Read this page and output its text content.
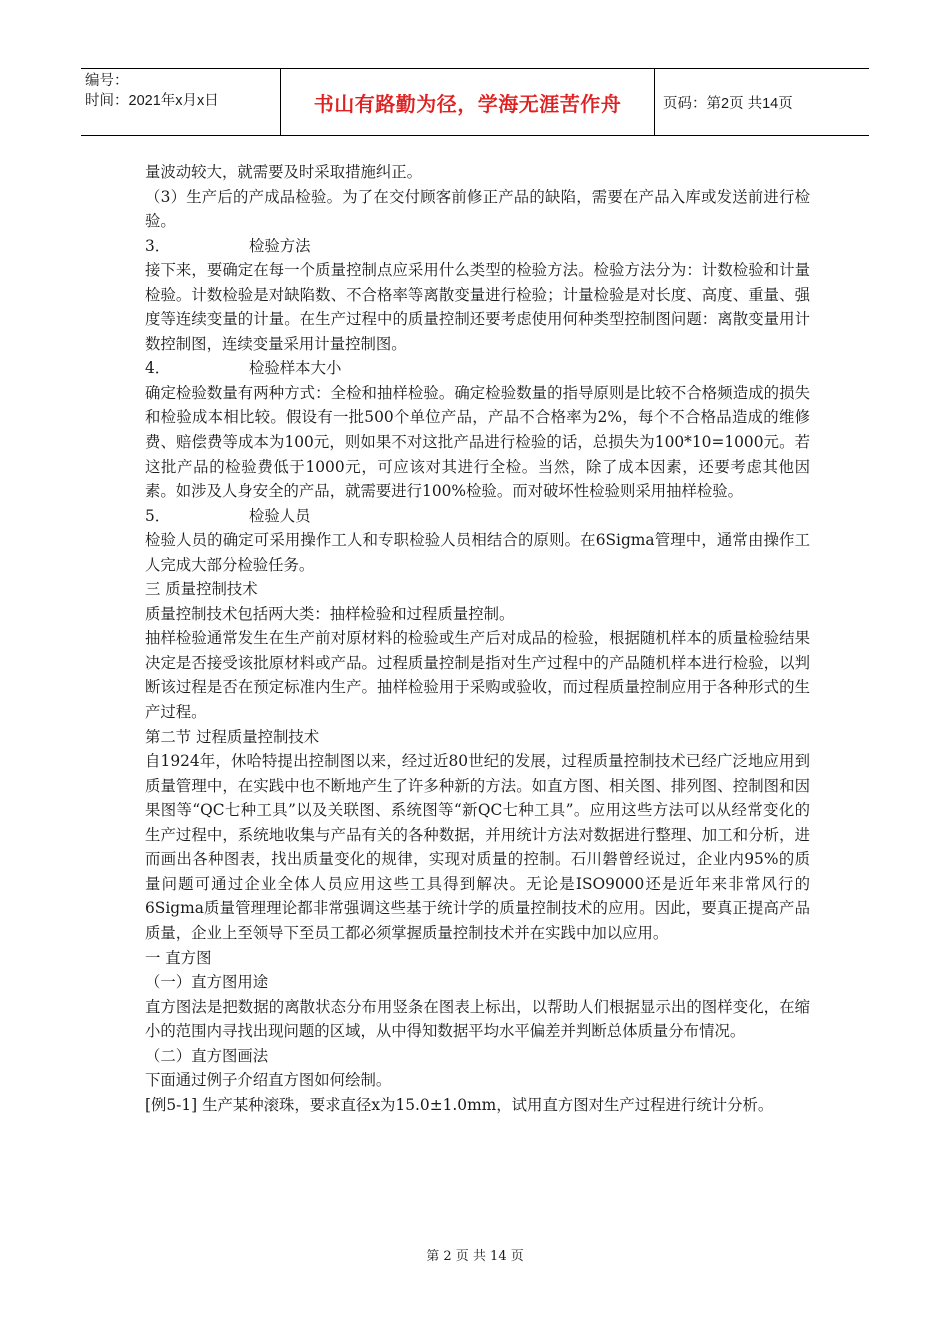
编号：
时间：2021年x月x日	书山有路勤为径，学海无涯苦作舟	页码：第2页 共14页

量波动较大，就需要及时采取措施纠正。

（3）生产后的产成品检验。为了在交付顾客前修正产品的缺陷，需要在产品入库或发送前进行检验。

3．	检验方法

接下来，要确定在每一个质量控制点应采用什么类型的检验方法。检验方法分为：计数检验和计量检验。计数检验是对缺陷数、不合格率等离散变量进行检验；计量检验是对长度、高度、重量、强度等连续变量的计量。在生产过程中的质量控制还要考虑使用何种类型控制图问题：离散变量用计数控制图，连续变量采用计量控制图。

4．	检验样本大小

确定检验数量有两种方式：全检和抽样检验。确定检验数量的指导原则是比较不合格频造成的损失和检验成本相比较。假设有一批500个单位产品，产品不合格率为2%，每个不合格品造成的维修费、赔偿费等成本为100元，则如果不对这批产品进行检验的话，总损失为100*10=1000元。若这批产品的检验费低于1000元，可应该对其进行全检。当然，除了成本因素，还要考虑其他因素。如涉及人身安全的产品，就需要进行100%检验。而对破坏性检验则采用抽样检验。

5．	检验人员

检验人员的确定可采用操作工人和专职检验人员相结合的原则。在6Sigma管理中，通常由操作工人完成大部分检验任务。

三 质量控制技术

质量控制技术包括两大类：抽样检验和过程质量控制。

抽样检验通常发生在生产前对原材料的检验或生产后对成品的检验，根据随机样本的质量检验结果决定是否接受该批原材料或产品。过程质量控制是指对生产过程中的产品随机样本进行检验，以判断该过程是否在预定标准内生产。抽样检验用于采购或验收，而过程质量控制应用于各种形式的生产过程。

第二节 过程质量控制技术

自1924年，休哈特提出控制图以来，经过近80世纪的发展，过程质量控制技术已经广泛地应用到质量管理中，在实践中也不断地产生了许多种新的方法。如直方图、相关图、排列图、控制图和因果图等“QC七种工具”以及关联图、系统图等“新QC七种工具”。应用这些方法可以从经常变化的生产过程中，系统地收集与产品有关的各种数据，并用统计方法对数据进行整理、加工和分析，进而画出各种图表，找出质量变化的规律，实现对质量的控制。石川磐曾经说过，企业内95%的质量问题可通过企业全体人员应用这些工具得到解决。无论是ISO9000还是近年来非常风行的6Sigma质量管理理论都非常强调这些基于统计学的质量控制技术的应用。因此，要真正提高产品质量，企业上至领导下至员工都必须掌握质量控制技术并在实践中加以应用。

一 直方图

（一）直方图用途

直方图法是把数据的离散状态分布用竖条在图表上标出，以帮助人们根据显示出的图样变化，在缩小的范围内寻找出现问题的区域，从中得知数据平均水平偏差并判断总体质量分布情况。

（二）直方图画法

下面通过例子介绍直方图如何绘制。

[例5-1] 生产某种滚珠，要求直径x为15.0±1.0mm，试用直方图对生产过程进行统计分析。

第 2 页 共 14 页
